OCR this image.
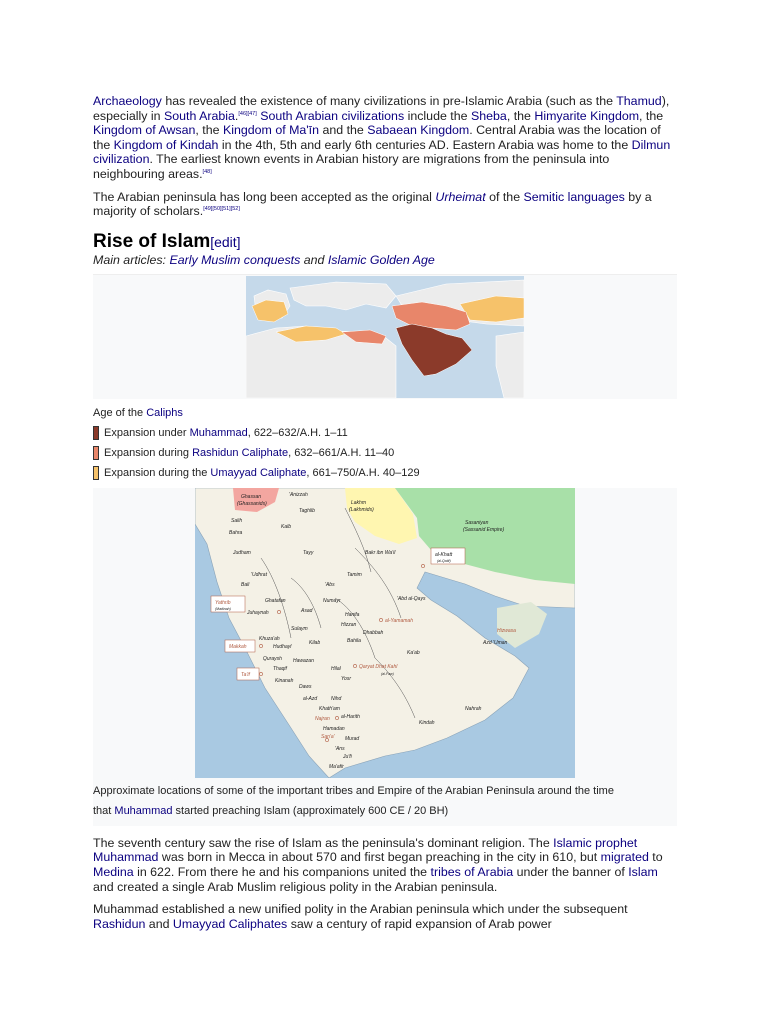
Archaeology has revealed the existence of many civilizations in pre-Islamic Arabia (such as the Thamud), especially in South Arabia.[46][47] South Arabian civilizations include the Sheba, the Himyarite Kingdom, the Kingdom of Awsan, the Kingdom of Ma'īn and the Sabaean Kingdom. Central Arabia was the location of the Kingdom of Kindah in the 4th, 5th and early 6th centuries AD. Eastern Arabia was home to the Dilmun civilization. The earliest known events in Arabian history are migrations from the peninsula into neighbouring areas.[48]

The Arabian peninsula has long been accepted as the original Urheimat of the Semitic languages by a majority of scholars.[49][50][51][52]

Rise of Islam[edit]
Main articles: Early Muslim conquests and Islamic Golden Age
Age of the Caliphs
Expansion under Muhammad, 622–632/A.H. 1–11
Expansion during Rashidun Caliphate, 632–661/A.H. 11–40
Expansion during the Umayyad Caliphate, 661–750/A.H. 40–129
Ghassan
(Ghassanids)
'Anizzah
Lakhm
(Lakhmids)
Sasaniyan
(Sassanid Empire)
Taghlib
Salih
Bahra
Kalb
Judham	Tayy	Bakr ibn Wa'il	al-Khatt
(al-Qatif)
'Udhrat
Bali
Tamim
Yathrib
(Madinah)
Ghatafan	Numayr
'Abs
Asad
'Abd al-Qays
Juhaynah
Sulaym
Hanifa
Hizzan
al-Yamamah
Dhabbah
Khuza'ah
Hudhayl
Kilab	Bahila
Hizwasa
Azd 'Uman
Makkah
Quraysh Hawazan
Hilal	Qaryat Dhat Kahl
(al-Faw)
Ka'ab
Ta'if
Thaqif
Kinanah
Daws
Yosr
al-Azd
Nahrah
Khath'am
Nihd
Najran al-Harith
Kindah
Hamadan
San'a' Murad
'Ans
Ju'fi
Ma'afir
Approximate locations of some of the important tribes and Empire of the Arabian Peninsula around the time
that Muhammad started preaching Islam (approximately 600 CE / 20 BH)

The seventh century saw the rise of Islam as the peninsula's dominant religion. The Islamic prophet Muhammad was born in Mecca in about 570 and first began preaching in the city in 610, but migrated to Medina in 622. From there he and his companions united the tribes of Arabia under the banner of Islam and created a single Arab Muslim religious polity in the Arabian peninsula.

Muhammad established a new unified polity in the Arabian peninsula which under the subsequent Rashidun and Umayyad Caliphates saw a century of rapid expansion of Arab power
